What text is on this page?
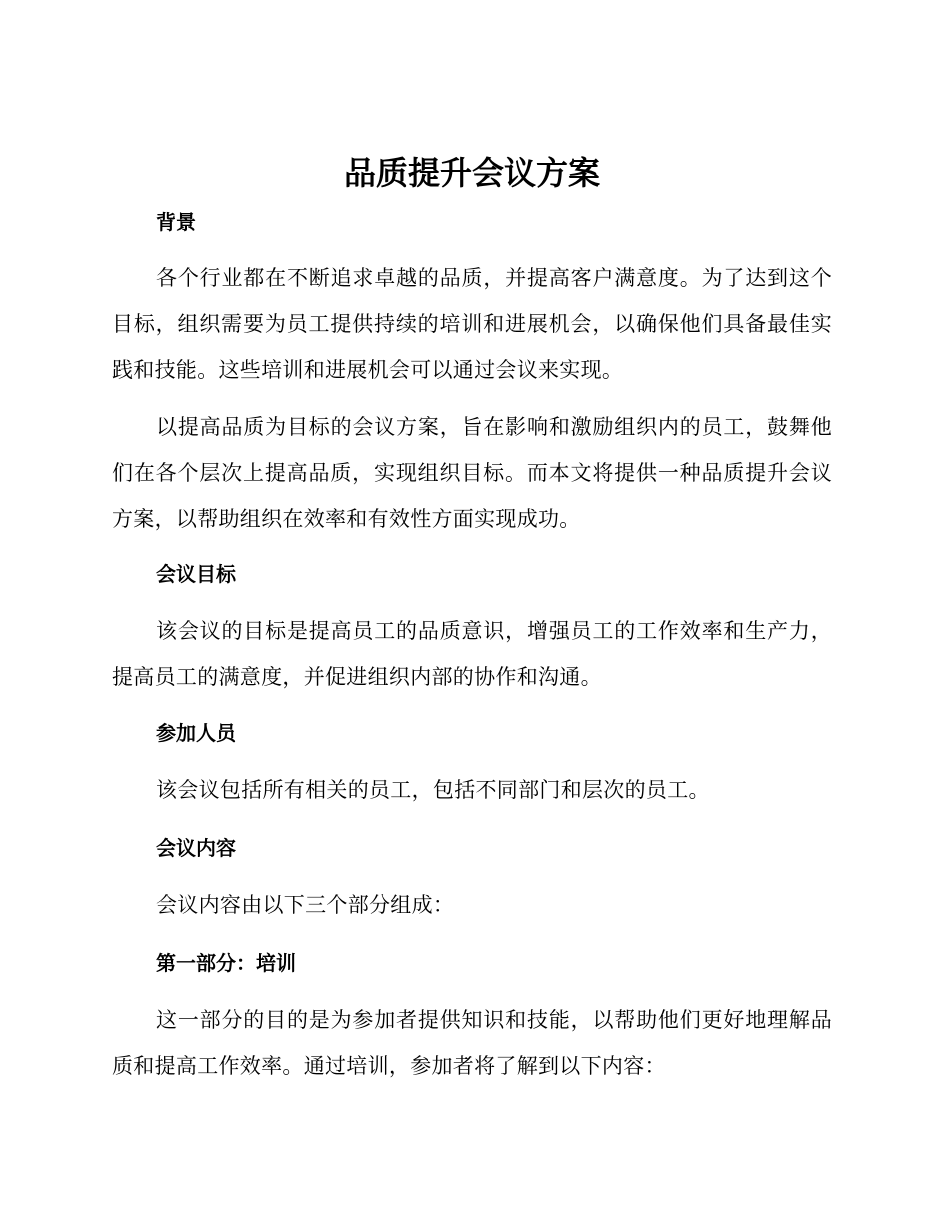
品质提升会议方案
背景

各个行业都在不断追求卓越的品质，并提高客户满意度。为了达到这个目标，组织需要为员工提供持续的培训和进展机会，以确保他们具备最佳实践和技能。这些培训和进展机会可以通过会议来实现。

以提高品质为目标的会议方案，旨在影响和激励组织内的员工，鼓舞他们在各个层次上提高品质，实现组织目标。而本文将提供一种品质提升会议方案，以帮助组织在效率和有效性方面实现成功。

会议目标

该会议的目标是提高员工的品质意识，增强员工的工作效率和生产力，提高员工的满意度，并促进组织内部的协作和沟通。

参加人员

该会议包括所有相关的员工，包括不同部门和层次的员工。

会议内容

会议内容由以下三个部分组成：

第一部分：培训

这一部分的目的是为参加者提供知识和技能，以帮助他们更好地理解品质和提高工作效率。通过培训，参加者将了解到以下内容：
